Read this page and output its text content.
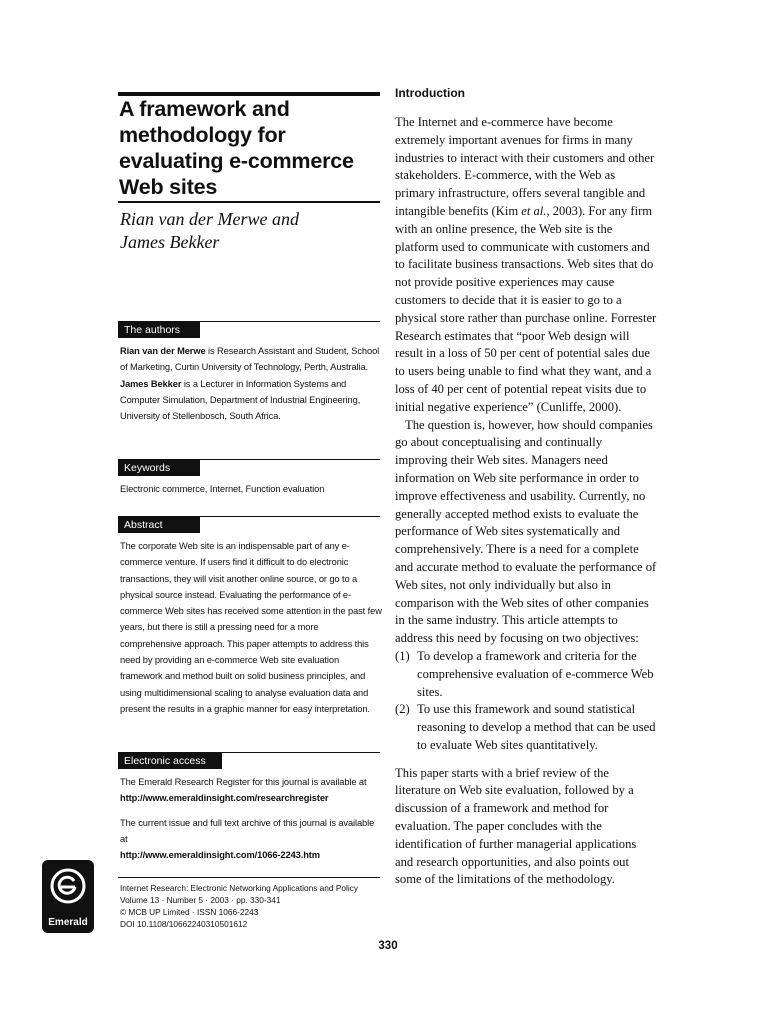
A framework and
methodology for
evaluating e-commerce
Web sites
Rian van der Merwe and
James Bekker
The authors

Rian van der Merwe is Research Assistant and Student, School of Marketing, Curtin University of Technology, Perth, Australia.

James Bekker is a Lecturer in Information Systems and Computer Simulation, Department of Industrial Engineering, University of Stellenbosch, South Africa.

Keywords
Electronic commerce, Internet, Function evaluation
Abstract
The corporate Web site is an indispensable part of any e-commerce venture. If users find it difficult to do electronic transactions, they will visit another online source, or go to a physical source instead. Evaluating the performance of e-commerce Web sites has received some attention in the past few years, but there is still a pressing need for a more comprehensive approach. This paper attempts to address this need by providing an e-commerce Web site evaluation framework and method built on solid business principles, and using multidimensional scaling to analyse evaluation data and present the results in a graphic manner for easy interpretation.
Electronic access

The Emerald Research Register for this journal is available at

http://www.emeraldinsight.com/researchregister

The current issue and full text archive of this journal is available at

http://www.emeraldinsight.com/1066-2243.htm

Internet Research: Electronic Networking Applications and Policy

Volume 13 · Number 5 · 2003 · pp. 330-341

© MCB UP Limited · ISSN 1066-2243

DOI 10.1108/10662240310501612

Emerald
Introduction

The Internet and e-commerce have become extremely important avenues for firms in many industries to interact with their customers and other stakeholders. E-commerce, with the Web as primary infrastructure, offers several tangible and intangible benefits (Kim et al., 2003). For any firm with an online presence, the Web site is the platform used to communicate with customers and to facilitate business transactions. Web sites that do not provide positive experiences may cause customers to decide that it is easier to go to a physical store rather than purchase online. Forrester Research estimates that “poor Web design will result in a loss of 50 per cent of potential sales due to users being unable to find what they want, and a loss of 40 per cent of potential repeat visits due to initial negative experience” (Cunliffe, 2000).

The question is, however, how should companies go about conceptualising and continually improving their Web sites. Managers need information on Web site performance in order to improve effectiveness and usability. Currently, no generally accepted method exists to evaluate the performance of Web sites systematically and comprehensively. There is a need for a complete and accurate method to evaluate the performance of Web sites, not only individually but also in comparison with the Web sites of other companies in the same industry. This article attempts to address this need by focusing on two objectives:

(1) To develop a framework and criteria for the comprehensive evaluation of e-commerce Web sites.
(2) To use this framework and sound statistical reasoning to develop a method that can be used to evaluate Web sites quantitatively.

This paper starts with a brief review of the literature on Web site evaluation, followed by a discussion of a framework and method for evaluation. The paper concludes with the identification of further managerial applications and research opportunities, and also points out some of the limitations of the methodology.

330
